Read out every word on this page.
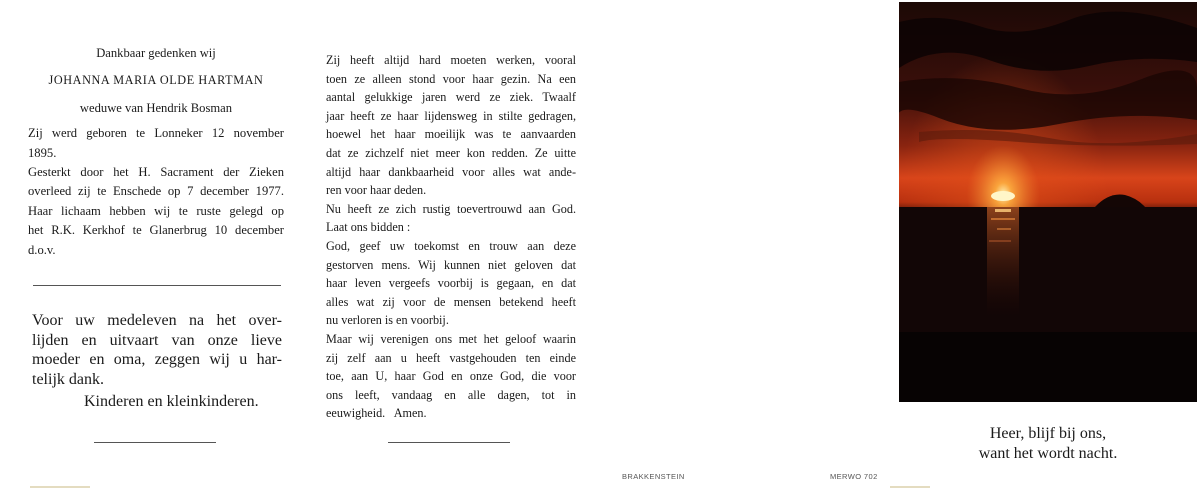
Dankbaar gedenken wij
JOHANNA MARIA OLDE HARTMAN
weduwe van Hendrik Bosman
Zij werd geboren te Lonneker 12 november
1895.
Gesterkt door het H. Sacrament der Zieken
overleed zij te Enschede op 7 december 1977.
Haar lichaam hebben wij te ruste gelegd op
het R.K. Kerkhof te Glanerbrug 10 december
d.o.v.
Voor uw medeleven na het over-
lijden en uitvaart van onze lieve
moeder en oma, zeggen wij u har-
telijk dank.
Kinderen en kleinkinderen.
Zij heeft altijd hard moeten werken, vooral
toen ze alleen stond voor haar gezin. Na een
aantal gelukkige jaren werd ze ziek. Twaalf
jaar heeft ze haar lijdensweg in stilte gedragen,
hoewel het haar moeilijk was te aanvaarden
dat ze zichzelf niet meer kon redden. Ze uitte
altijd haar dankbaarheid voor alles wat ande-
ren voor haar deden.
Nu heeft ze zich rustig toevertrouwd aan God.
Laat ons bidden :
God, geef uw toekomst en trouw aan deze
gestorven mens. Wij kunnen niet geloven dat
haar leven vergeefs voorbij is gegaan, en dat
alles wat zij voor de mensen betekend heeft
nu verloren is en voorbij.
Maar wij verenigen ons met het geloof waarin
zij zelf aan u heeft vastgehouden ten einde
toe, aan U, haar God en onze God, die voor
ons leeft, vandaag en alle dagen, tot in
eeuwigheid.   Amen.
BRAKKENSTEIN	MERWO 702
Heer, blijf bij ons,
want het wordt nacht.
